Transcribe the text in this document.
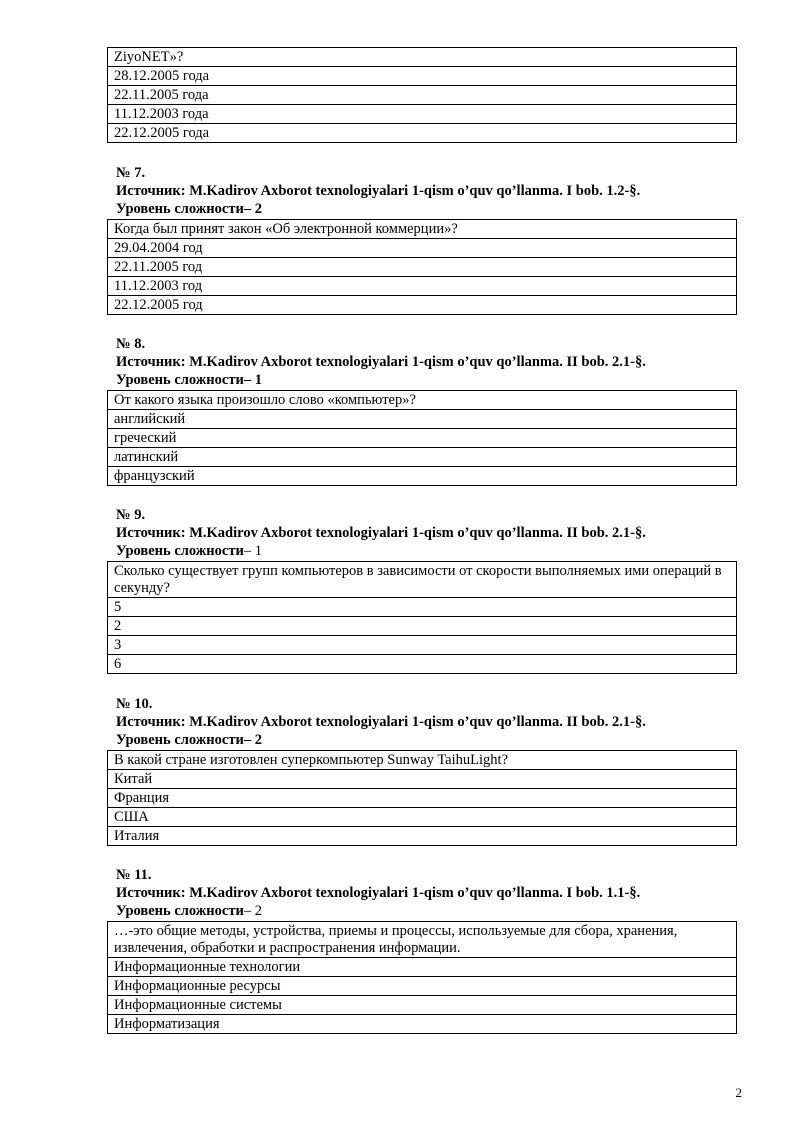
ZiyoNET»?
28.12.2005 года
22.11.2005 года
11.12.2003 года
22.12.2005 года
№ 7.
Источник: M.Kadirov Axborot texnologiyalari 1-qism o’quv qo’llanma. I bob. 1.2-§.
Уровень сложности– 2
Когда был принят закон «Об электронной коммерции»?
29.04.2004 год
22.11.2005 год
11.12.2003 год
22.12.2005 год
№ 8.
Источник: M.Kadirov Axborot texnologiyalari 1-qism o’quv qo’llanma. II bob. 2.1-§.
Уровень сложности– 1
От какого языка произошло слово «компьютер»?
английский
греческий
латинский
французский
№ 9.
Источник: M.Kadirov Axborot texnologiyalari 1-qism o’quv qo’llanma. II bob. 2.1-§.
Уровень сложности– 1
Сколько существует групп компьютеров в зависимости от скорости выполняемых ими операций в секунду?
5
2
3
6
№ 10.
Источник: M.Kadirov Axborot texnologiyalari 1-qism o’quv qo’llanma. II bob. 2.1-§.
Уровень сложности– 2
В какой стране изготовлен суперкомпьютер Sunway TaihuLight?
Китай
Франция
США
Италия
№ 11.
Источник: M.Kadirov Axborot texnologiyalari 1-qism o’quv qo’llanma. I bob. 1.1-§.
Уровень сложности– 2
…-это общие методы, устройства, приемы и процессы, используемые для сбора, хранения, извлечения, обработки и распространения информации.
Информационные технологии
Информационные ресурсы
Информационные системы
Информатизация
2
